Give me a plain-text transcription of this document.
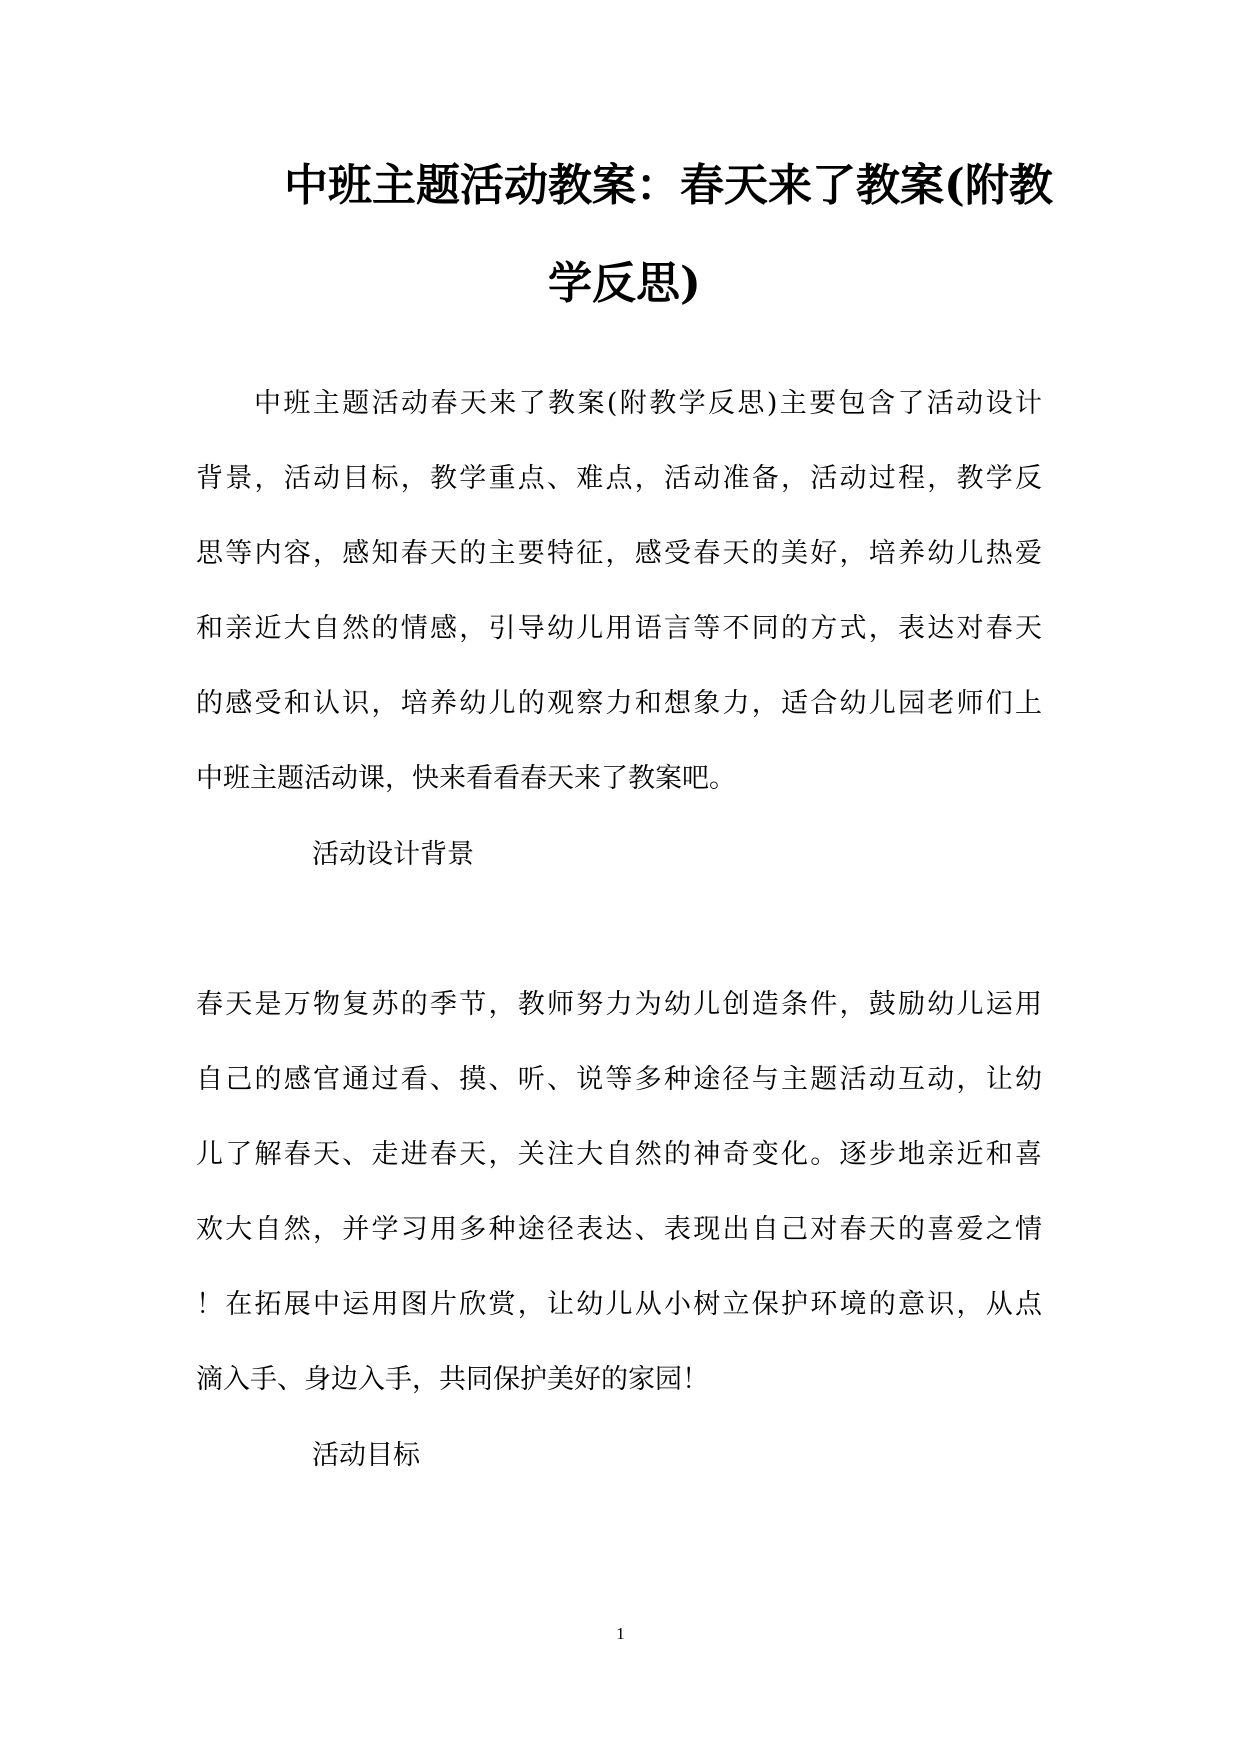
中班主题活动教案：春天来了教案(附教
学反思)
中班主题活动春天来了教案(附教学反思)主要包含了活动设计
背景，活动目标，教学重点、难点，活动准备，活动过程，教学反
思等内容，感知春天的主要特征，感受春天的美好，培养幼儿热爱
和亲近大自然的情感，引导幼儿用语言等不同的方式，表达对春天
的感受和认识，培养幼儿的观察力和想象力，适合幼儿园老师们上
中班主题活动课，快来看看春天来了教案吧。
活动设计背景
春天是万物复苏的季节，教师努力为幼儿创造条件，鼓励幼儿运用
自己的感官通过看、摸、听、说等多种途径与主题活动互动，让幼
儿了解春天、走进春天，关注大自然的神奇变化。逐步地亲近和喜
欢大自然，并学习用多种途径表达、表现出自己对春天的喜爱之情
！在拓展中运用图片欣赏，让幼儿从小树立保护环境的意识，从点
滴入手、身边入手，共同保护美好的家园！
活动目标
1
